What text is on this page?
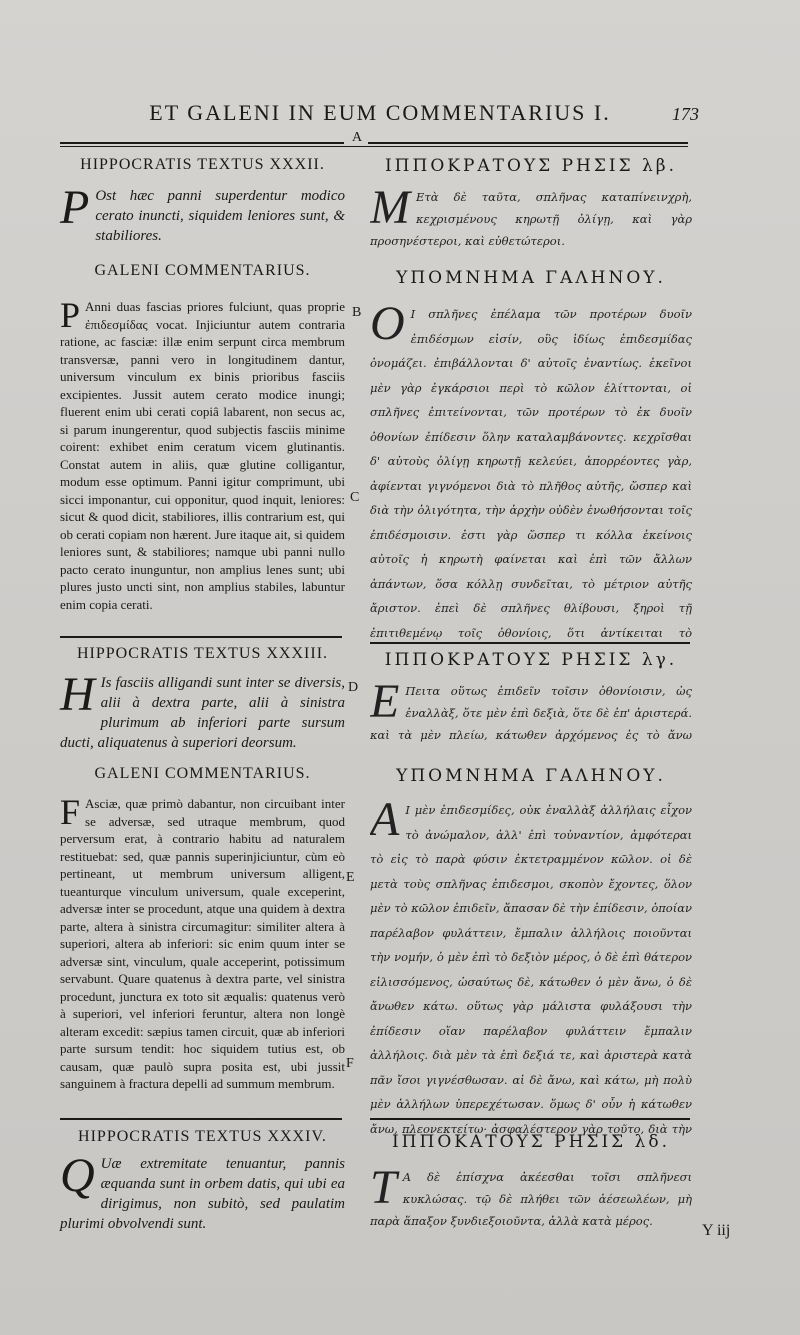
ET GALENI IN EUM COMMENTARIUS I.	173
A
B
C
D
E
F
HIPPOCRATIS TEXTUS XXXII.
P Ost hæc panni superdentur modico cerato inuncti, siquidem leniores sunt, & stabiliores.
GALENI COMMENTARIUS.
P Anni duas fascias priores fulciunt, quas proprie ἐπιδεσμίδας vocat. Injiciuntur autem contraria ratione, ac fasciæ: illæ enim serpunt circa membrum transversæ, panni vero in longitudinem dantur, universum vinculum ex binis prioribus fasciis excipientes. Jussit autem cerato modice inungi; fluerent enim ubi cerati copiâ labarent, non secus ac, si parum inungerentur, quod subjectis fasciis minime coirent: exhibet enim ceratum vicem glutinantis. Constat autem in aliis, quæ glutine colligantur, modum esse optimum. Panni igitur comprimunt, ubi sicci imponantur, cui opponitur, quod inquit, leniores: sicut & quod dicit, stabiliores, illis contrarium est, qui ob cerati copiam non hærent. Jure itaque ait, si quidem leniores sunt, & stabiliores; namque ubi panni nullo pacto cerato inunguntur, non amplius lenes sunt; ubi plures justo uncti sint, non amplius stabiles, labuntur enim copia cerati.
HIPPOCRATIS TEXTUS XXXIII.
H Is fasciis alligandi sunt inter se diversis, alii à dextra parte, alii à sinistra plurimum ab inferiori parte sursum ducti, aliquatenus à superiori deorsum.
GALENI COMMENTARIUS.
F Asciæ, quæ primò dabantur, non circuibant inter se adversæ, sed utraque membrum, quod perversum erat, à contrario habitu ad naturalem restituebat: sed, quæ pannis superinjiciuntur, cùm eò pertineant, ut membrum universum alligent, tueanturque vinculum universum, quale exceperint, adversæ inter se procedunt, atque una quidem à dextra parte, altera à sinistra circumagitur: similiter altera à superiori, altera ab inferiori: sic enim quum inter se adversæ sint, vinculum, quale acceperint, potissimum servabunt. Quare quatenus à dextra parte, vel sinistra procedunt, junctura ex toto sit æqualis: quatenus verò à superiori, vel inferiori feruntur, altera non longè alteram excedit: sæpius tamen circuit, quæ ab inferiori parte sursum tendit: hoc siquidem tutius est, ob causam, quæ paulò supra posita est, ubi jussit sanguinem à fractura depelli ad summum membrum.
HIPPOCRATIS TEXTUS XXXIV.
Q Uæ extremitate tenuantur, pannis æquanda sunt in orbem datis, qui ubi ea dirigimus, non subitò, sed paulatim plurimi obvolvendi sunt.
ΙΠΠΟΚΡΑΤΟΥΣ ΡΗΣΙΣ λβ.
M Ετὰ δὲ ταῦτα, σπλῆνας καταπίνεινχρὴ, κεχρισμένους κηρωτῇ ὀλίγῃ, καὶ γὰρ προσηνέστεροι, καὶ εὐθετώτεροι.
ΥΠΟΜΝΗΜΑ ΓΑΛΗΝΟΥ.
O Ι σπλῆνες ἐπέλαμα τῶν προτέρων δυοῖν ἐπιδέσμων εἰσίν, οὓς ἰδίως ἐπιδεσμίδας ὀνομάζει. ἐπιβάλλονται δ' αὐτοῖς ἐναντίως. ἐκεῖνοι μὲν γὰρ ἐγκάρσιοι περὶ τὸ κῶλον ἑλίττονται, οἱ σπλῆνες ἐπιτείνονται, τῶν προτέρων τὸ ἐκ δυοῖν ὀθονίων ἐπίδεσιν ὅλην καταλαμβάνοντες. κεχρῖσθαι δ' αὐτοὺς ὀλίγῃ κηρωτῇ κελεύει, ἀπορρέοντες γὰρ, ἀφίενται γιγνόμενοι διὰ τὸ πλῆθος αὐτῆς, ὥσπερ καὶ διὰ τὴν ὀλιγότητα, τὴν ἀρχὴν οὐδὲν ἐνωθήσονται τοῖς ἐπιδέσμοισιν. ἐστι γὰρ ὥσπερ τι κόλλα ἐκείνοις αὐτοῖς ἡ κηρωτὴ φαίνεται καὶ ἐπὶ τῶν ἄλλων ἁπάντων, ὅσα κόλλῃ συνδεῖται, τὸ μέτριον αὐτῆς ἄριστον. ἐπεὶ δὲ σπλῆνες θλίβουσι, ξηροὶ τῇ ἐπιτιθεμένῳ τοῖς ὀθονίοις, ὅτι ἀντίκειται τὸ
ΙΠΠΟΚΡΑΤΟΥΣ ΡΗΣΙΣ λγ.
E Πειτα οὕτως ἐπιδεῖν τοῖσιν ὀθονίοισιν, ὡς ἐναλλὰξ, ὅτε μὲν ἐπὶ δεξιὰ, ὅτε δὲ ἐπ' ἀριστερά. καὶ τὰ μὲν πλείω, κάτωθεν ἀρχόμενος ἐς τὸ ἄνω
ΥΠΟΜΝΗΜΑ ΓΑΛΗΝΟΥ.
A Ι μὲν ἐπιδεσμίδες, οὐκ ἐναλλὰξ ἀλλήλαις εἶχον τὸ ἀνώμαλον, ἀλλ' ἐπὶ τοὐναντίον, ἀμφότεραι τὸ εἰς τὸ παρὰ φύσιν ἐκτετραμμένον κῶλον. οἱ δὲ μετὰ τοὺς σπλῆνας ἐπιδεσμοι, σκοπὸν ἔχοντες, ὅλον μὲν τὸ κῶλον ἐπιδεῖν, ἅπασαν δὲ τὴν ἐπίδεσιν, ὁποίαν παρέλαβον φυλάττειν, ἔμπαλιν ἀλλήλοις ποιοῦνται τὴν νομήν, ὁ μὲν ἐπὶ τὸ δεξιὸν μέρος, ὁ δὲ ἐπὶ θάτερον εἰλισσόμενος, ὡσαύτως δὲ, κάτωθεν ὁ μὲν ἄνω, ὁ δὲ ἄνωθεν κάτω. οὕτως γὰρ μάλιστα φυλάξουσι τὴν ἐπίδεσιν οἵαν παρέλαβον φυλάττειν ἔμπαλιν ἀλλήλοις. διὰ μὲν τὰ ἐπὶ δεξιά τε, καὶ ἀριστερὰ κατὰ πᾶν ἴσοι γιγνέσθωσαν. αἱ δὲ ἄνω, καὶ κάτω, μὴ πολὺ μὲν ἀλλήλων ὑπερεχέτωσαν. ὅμως δ' οὖν ἡ κάτωθεν ἄνω, πλεονεκτείτω· ἀσφαλέστερον γὰρ τοῦτο, διὰ τὴν
ΙΠΠΟΚΑΤΟΥΣ ΡΗΣΙΣ λδ.
T Α δὲ ἐπίσχνα ἀκέεσθαι τοῖσι σπλῆνεσι κυκλώσας. τῷ δὲ πλήθει τῶν ἀέσεωλέων, μὴ παρὰ ἅπαξον ξυνδιεξοιοῦντα, ἀλλὰ κατὰ μέρος.
Y iij
